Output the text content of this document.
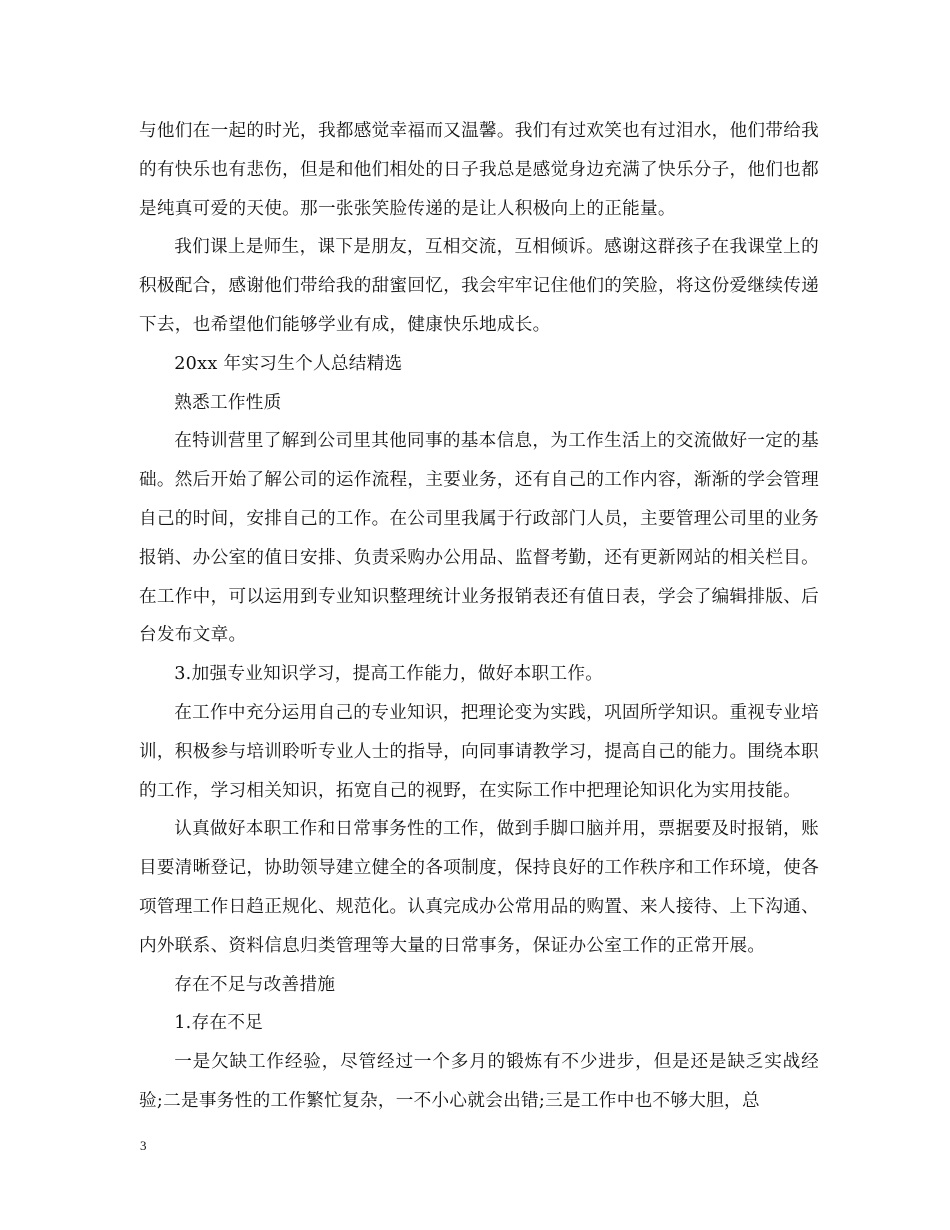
与他们在一起的时光，我都感觉幸福而又温馨。我们有过欢笑也有过泪水，他们带给我的有快乐也有悲伤，但是和他们相处的日子我总是感觉身边充满了快乐分子，他们也都是纯真可爱的天使。那一张张笑脸传递的是让人积极向上的正能量。

我们课上是师生，课下是朋友，互相交流，互相倾诉。感谢这群孩子在我课堂上的积极配合，感谢他们带给我的甜蜜回忆，我会牢牢记住他们的笑脸，将这份爱继续传递下去，也希望他们能够学业有成，健康快乐地成长。

20xx 年实习生个人总结精选

熟悉工作性质

在特训营里了解到公司里其他同事的基本信息，为工作生活上的交流做好一定的基础。然后开始了解公司的运作流程，主要业务，还有自己的工作内容，渐渐的学会管理自己的时间，安排自己的工作。在公司里我属于行政部门人员，主要管理公司里的业务报销、办公室的值日安排、负责采购办公用品、监督考勤，还有更新网站的相关栏目。在工作中，可以运用到专业知识整理统计业务报销表还有值日表，学会了编辑排版、后台发布文章。

3.加强专业知识学习，提高工作能力，做好本职工作。

在工作中充分运用自己的专业知识，把理论变为实践，巩固所学知识。重视专业培训，积极参与培训聆听专业人士的指导，向同事请教学习，提高自己的能力。围绕本职的工作，学习相关知识，拓宽自己的视野，在实际工作中把理论知识化为实用技能。

认真做好本职工作和日常事务性的工作，做到手脚口脑并用，票据要及时报销，账目要清晰登记，协助领导建立健全的各项制度，保持良好的工作秩序和工作环境，使各项管理工作日趋正规化、规范化。认真完成办公常用品的购置、来人接待、上下沟通、内外联系、资料信息归类管理等大量的日常事务，保证办公室工作的正常开展。

存在不足与改善措施

1.存在不足

一是欠缺工作经验，尽管经过一个多月的锻炼有不少进步，但是还是缺乏实战经验;二是事务性的工作繁忙复杂，一不小心就会出错;三是工作中也不够大胆，总

3
